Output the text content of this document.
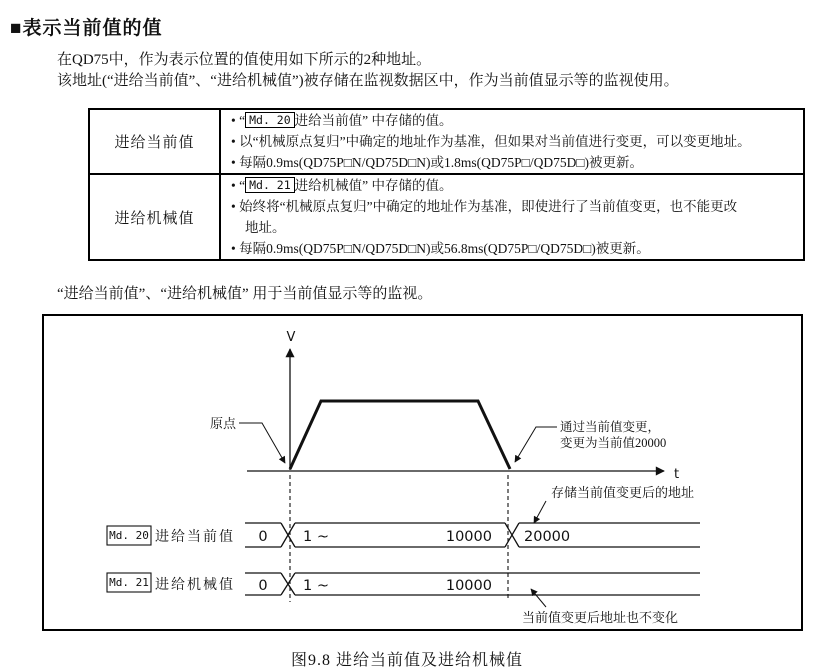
■表示当前值的值
在QD75中，作为表示位置的值使用如下所示的2种地址。
该地址(“进给当前值”、“进给机械值”)被存储在监视数据区中，作为当前值显示等的监视使用。
进给当前值	• “ Md. 20 进给当前值” 中存储的值。
• 以“机械原点复归”中确定的地址作为基准，但如果对当前值进行变更，可以变更地址。
• 每隔0.9ms(QD75P□N/QD75D□N)或1.8ms(QD75P□/QD75D□)被更新。

进给机械值	• “ Md. 21 进给机械值” 中存储的值。
• 始终将“机械原点复归”中确定的地址作为基准，即使进行了当前值变更，也不能更改
地址。
• 每隔0.9ms(QD75P□N/QD75D□N)或56.8ms(QD75P□/QD75D□)被更新。
“进给当前值”、“进给机械值” 用于当前值显示等的监视。
V
t
原点	通过当前值变更，
变更为当前值20000
存储当前值变更后的地址
Md. 20 进给当前值 0 1 ~	10000 20000
Md. 21 进给机械值 0 1 ~	10000
当前值变更后地址也不变化
图9.8 进给当前值及进给机械值
